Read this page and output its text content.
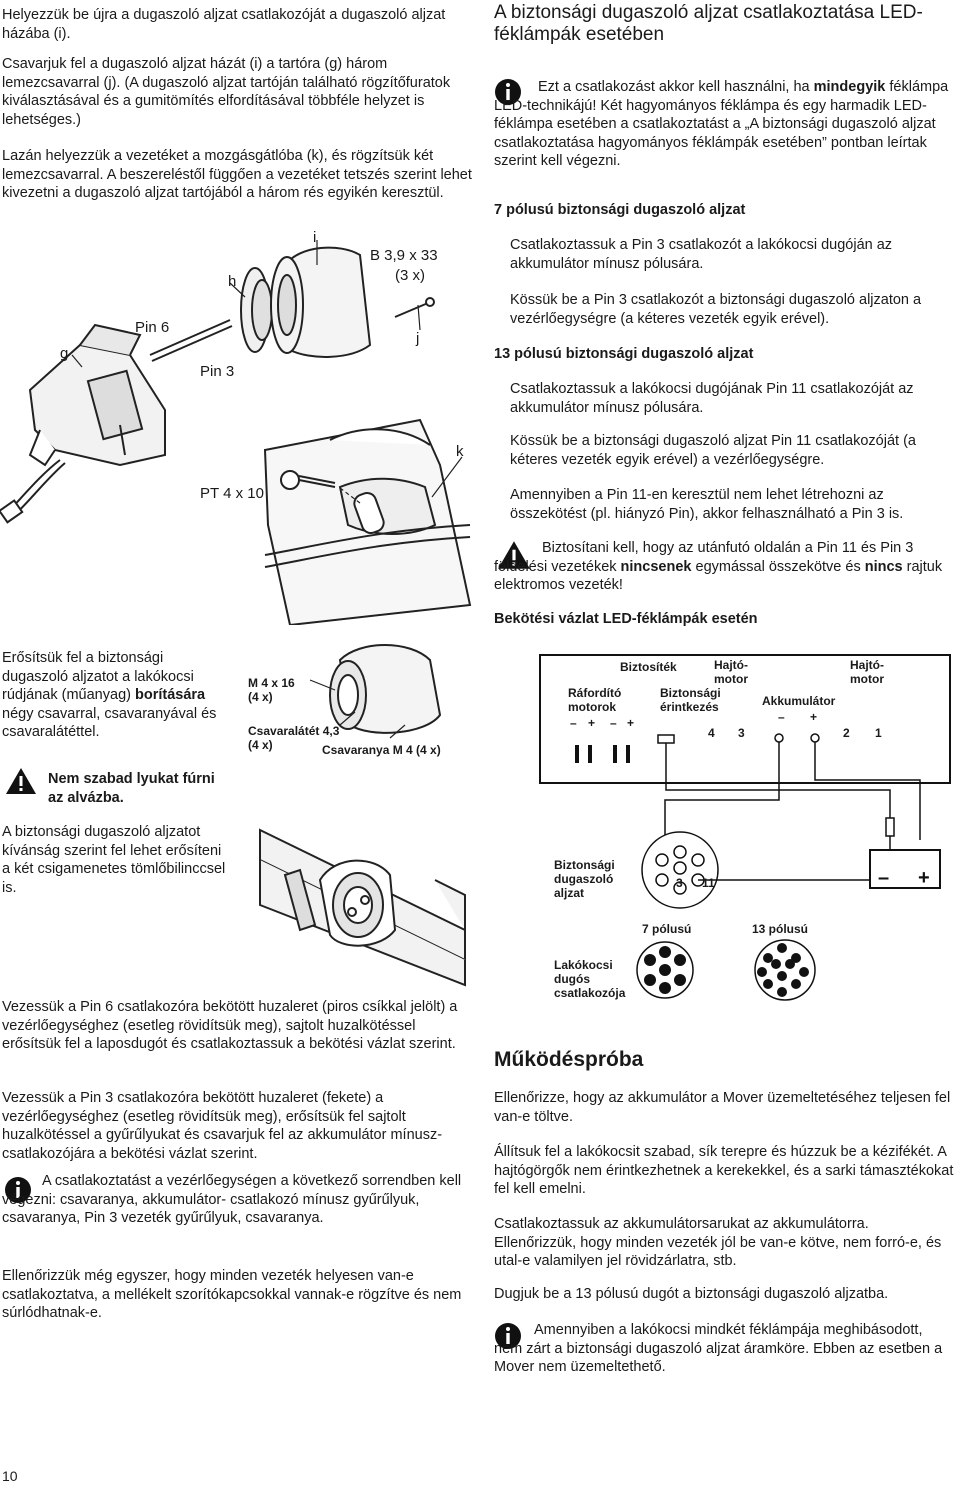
Helyezzük be újra a dugaszoló aljzat csatlakozóját a dugaszoló aljzat házába (i).

Csavarjuk fel a dugaszoló aljzat házát (i) a tartóra (g) három lemezcsavarral (j). (A dugaszoló aljzat tartóján található rögzítőfuratok kiválasztásával és a gumitömítés elfordításával többféle helyzet is lehetséges.)

Lazán helyezzük a vezetéket a mozgásgátlóba (k), és rögzítsük két lemezcsavarral. A beszereléstől függően a vezetéket tetszés szerint lehet kivezetni a dugaszoló aljzat tartójából a három rés egyikén keresztül.

g
Pin 6
h
Pin 3
i
B 3,9 x 33
(3 x)
j
k
PT 4 x 10

Erősítsük fel a biztonsági dugaszoló aljzatot a lakókocsi rúdjának (műanyag) borítására négy csavarral, csavaranyával és csavaralátéttel.

M 4 x 16
(4 x)
Csavaralátét 4,3
(4 x)	Csavaranya M 4 (4 x)

Nem szabad lyukat fúrni az alvázba.

A biztonsági dugaszoló aljzatot kívánság szerint fel lehet erősíteni a két csigamenetes tömlőbilinccsel is.

Vezessük a Pin 6 csatlakozóra bekötött huzaleret (piros csíkkal jelölt) a vezérlőegységhez (esetleg rövidítsük meg), sajtolt huzalkötéssel erősítsük fel a laposdugót és csatlakoztassuk a bekötési vázlat szerint.

Vezessük a Pin 3 csatlakozóra bekötött huzaleret (fekete) a vezérlőegységhez (esetleg rövidítsük meg), erősítsük fel sajtolt huzalkötéssel a gyűrűlyukat és csavarjuk fel az akkumulátor mínusz-csatlakozójára a bekötési vázlat szerint.

A csatlakoztatást a vezérlőegységen a következő sorrendben kell végezni: csavaranya, akkumulátor- csatlakozó mínusz gyűrűlyuk, csavaranya, Pin 3 vezeték gyűrűlyuk, csavaranya.

Ellenőrizzük még egyszer, hogy minden vezeték helyesen van-e csatlakoztatva, a mellékelt szorítókapcsokkal vannak-e rögzítve és nem súrlódhatnak-e.

10
A biztonsági dugaszoló aljzat csatlakoztatása LED-féklámpák esetében

Ezt a csatlakozást akkor kell használni, ha mindegyik féklámpa LED-technikájú! Két hagyományos féklámpa és egy harmadik LED-féklámpa esetében a csatlakoztatást a „A biztonsági dugaszoló aljzat csatlakoztatása hagyományos féklámpák esetében” pontban leírtak szerint kell végezni.

7 pólusú biztonsági dugaszoló aljzat

Csatlakoztassuk a Pin 3 csatlakozót a lakókocsi dugóján az akkumulátor mínusz pólusára.

Kössük be a Pin 3 csatlakozót a biztonsági dugaszoló aljzaton a vezérlőegységre (a kéteres vezeték egyik erével).

13 pólusú biztonsági dugaszoló aljzat

Csatlakoztassuk a lakókocsi dugójának Pin 11 csatlakozóját az akkumulátor mínusz pólusára.

Kössük be a biztonsági dugaszoló aljzat Pin 11 csatlakozóját (a kéteres vezeték egyik erével) a vezérlőegységre.

Amennyiben a Pin 11-en keresztül nem lehet létrehozni az összekötést (pl. hiányzó Pin), akkor felhasználható a Pin 3 is.

Biztosítani kell, hogy az utánfutó oldalán a Pin 11 és Pin 3 földelési vezetékek nincsenek egymással összekötve és nincs rajtuk elektromos vezeték!

Bekötési vázlat LED-féklámpák esetén
– +
Biztosíték	Hajtó-
motor
Hajtó-
motor
Ráfordító
motorok
Biztonsági
érintkezés	Akkumulátor
– + – +	– +
4 3	2 1
Biztonsági
dugaszoló
aljzat
3 11
7 pólusú	13 pólusú
Lakókocsi
dugós
csatlakozója
Működéspróba

Ellenőrizze, hogy az akkumulátor a Mover üzemeltetéséhez teljesen fel van-e töltve.

Állítsuk fel a lakókocsit szabad, sík terepre és húzzuk be a kézifékét. A hajtógörgők nem érintkezhetnek a kerekekkel, és a sarki támasztékokat fel kell emelni.

Csatlakoztassuk az akkumulátorsarukat az akkumulátorra. Ellenőrizzük, hogy minden vezeték jól be van-e kötve, nem forró-e, és utal-e valamilyen jel rövidzárlatra, stb.

Dugjuk be a 13 pólusú dugót a biztonsági dugaszoló aljzatba.

Amennyiben a lakókocsi mindkét féklámpája meghibásodott, nem zárt a biztonsági dugaszoló aljzat áramköre. Ebben az esetben a Mover nem üzemeltethető.
